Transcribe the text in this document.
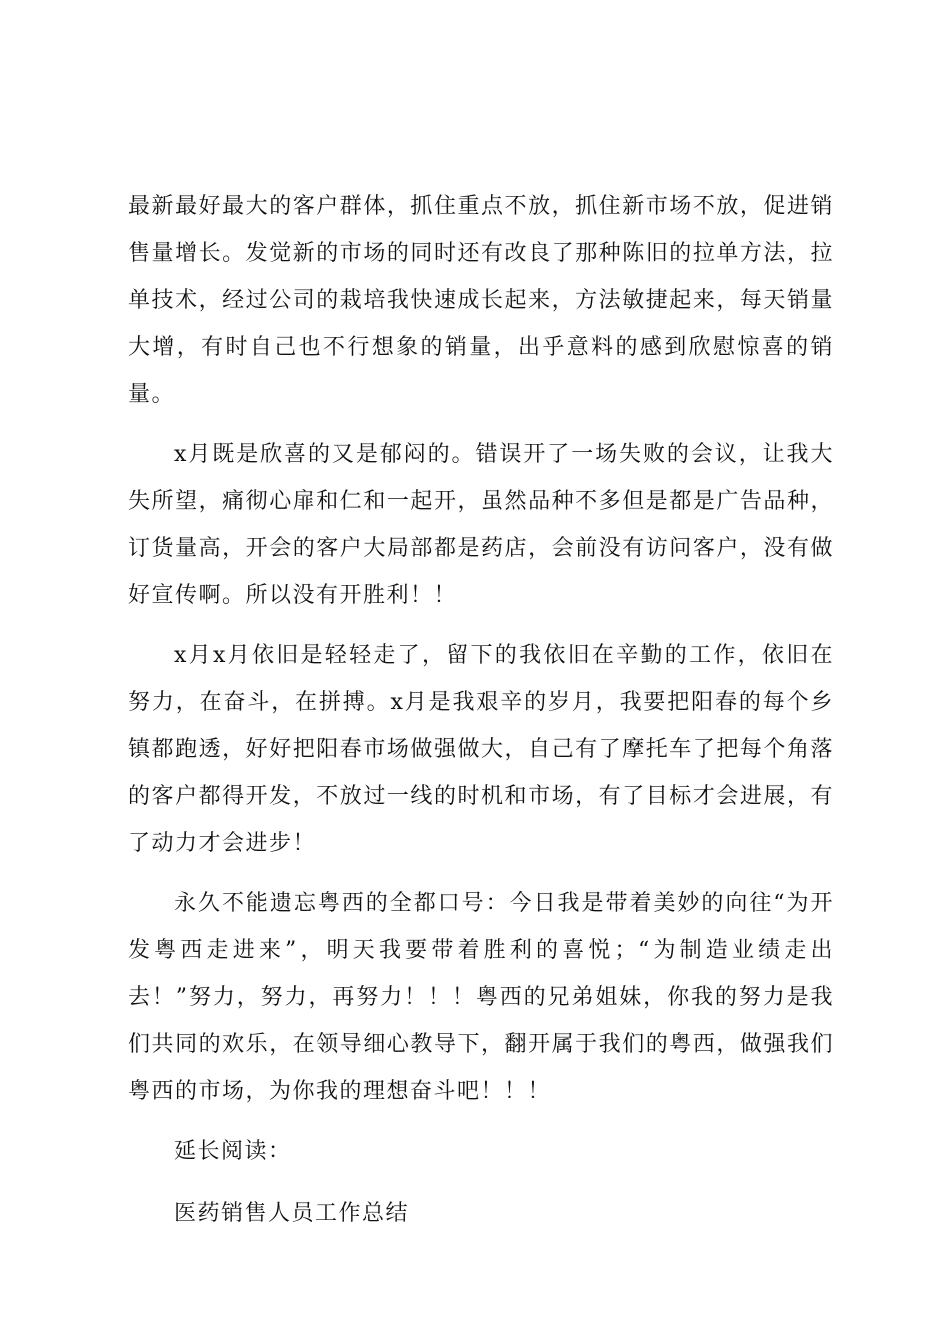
最新最好最大的客户群体，抓住重点不放，抓住新市场不放，促进销售量增长。发觉新的市场的同时还有改良了那种陈旧的拉单方法，拉单技术，经过公司的栽培我快速成长起来，方法敏捷起来，每天销量大增，有时自己也不行想象的销量，出乎意料的感到欣慰惊喜的销量。

x月既是欣喜的又是郁闷的。错误开了一场失败的会议，让我大失所望，痛彻心扉和仁和一起开，虽然品种不多但是都是广告品种，订货量高，开会的客户大局部都是药店，会前没有访问客户，没有做好宣传啊。所以没有开胜利！！

x月x月依旧是轻轻走了，留下的我依旧在辛勤的工作，依旧在努力，在奋斗，在拼搏。x月是我艰辛的岁月，我要把阳春的每个乡镇都跑透，好好把阳春市场做强做大，自己有了摩托车了把每个角落的客户都得开发，不放过一线的时机和市场，有了目标才会进展，有了动力才会进步！

永久不能遗忘粤西的全都口号：今日我是带着美妙的向往“为开发粤西走进来”，明天我要带着胜利的喜悦；“为制造业绩走出去！”努力，努力，再努力！！！粤西的兄弟姐妹，你我的努力是我们共同的欢乐，在领导细心教导下，翻开属于我们的粤西，做强我们粤西的市场，为你我的理想奋斗吧！！！

延长阅读：

医药销售人员工作总结
